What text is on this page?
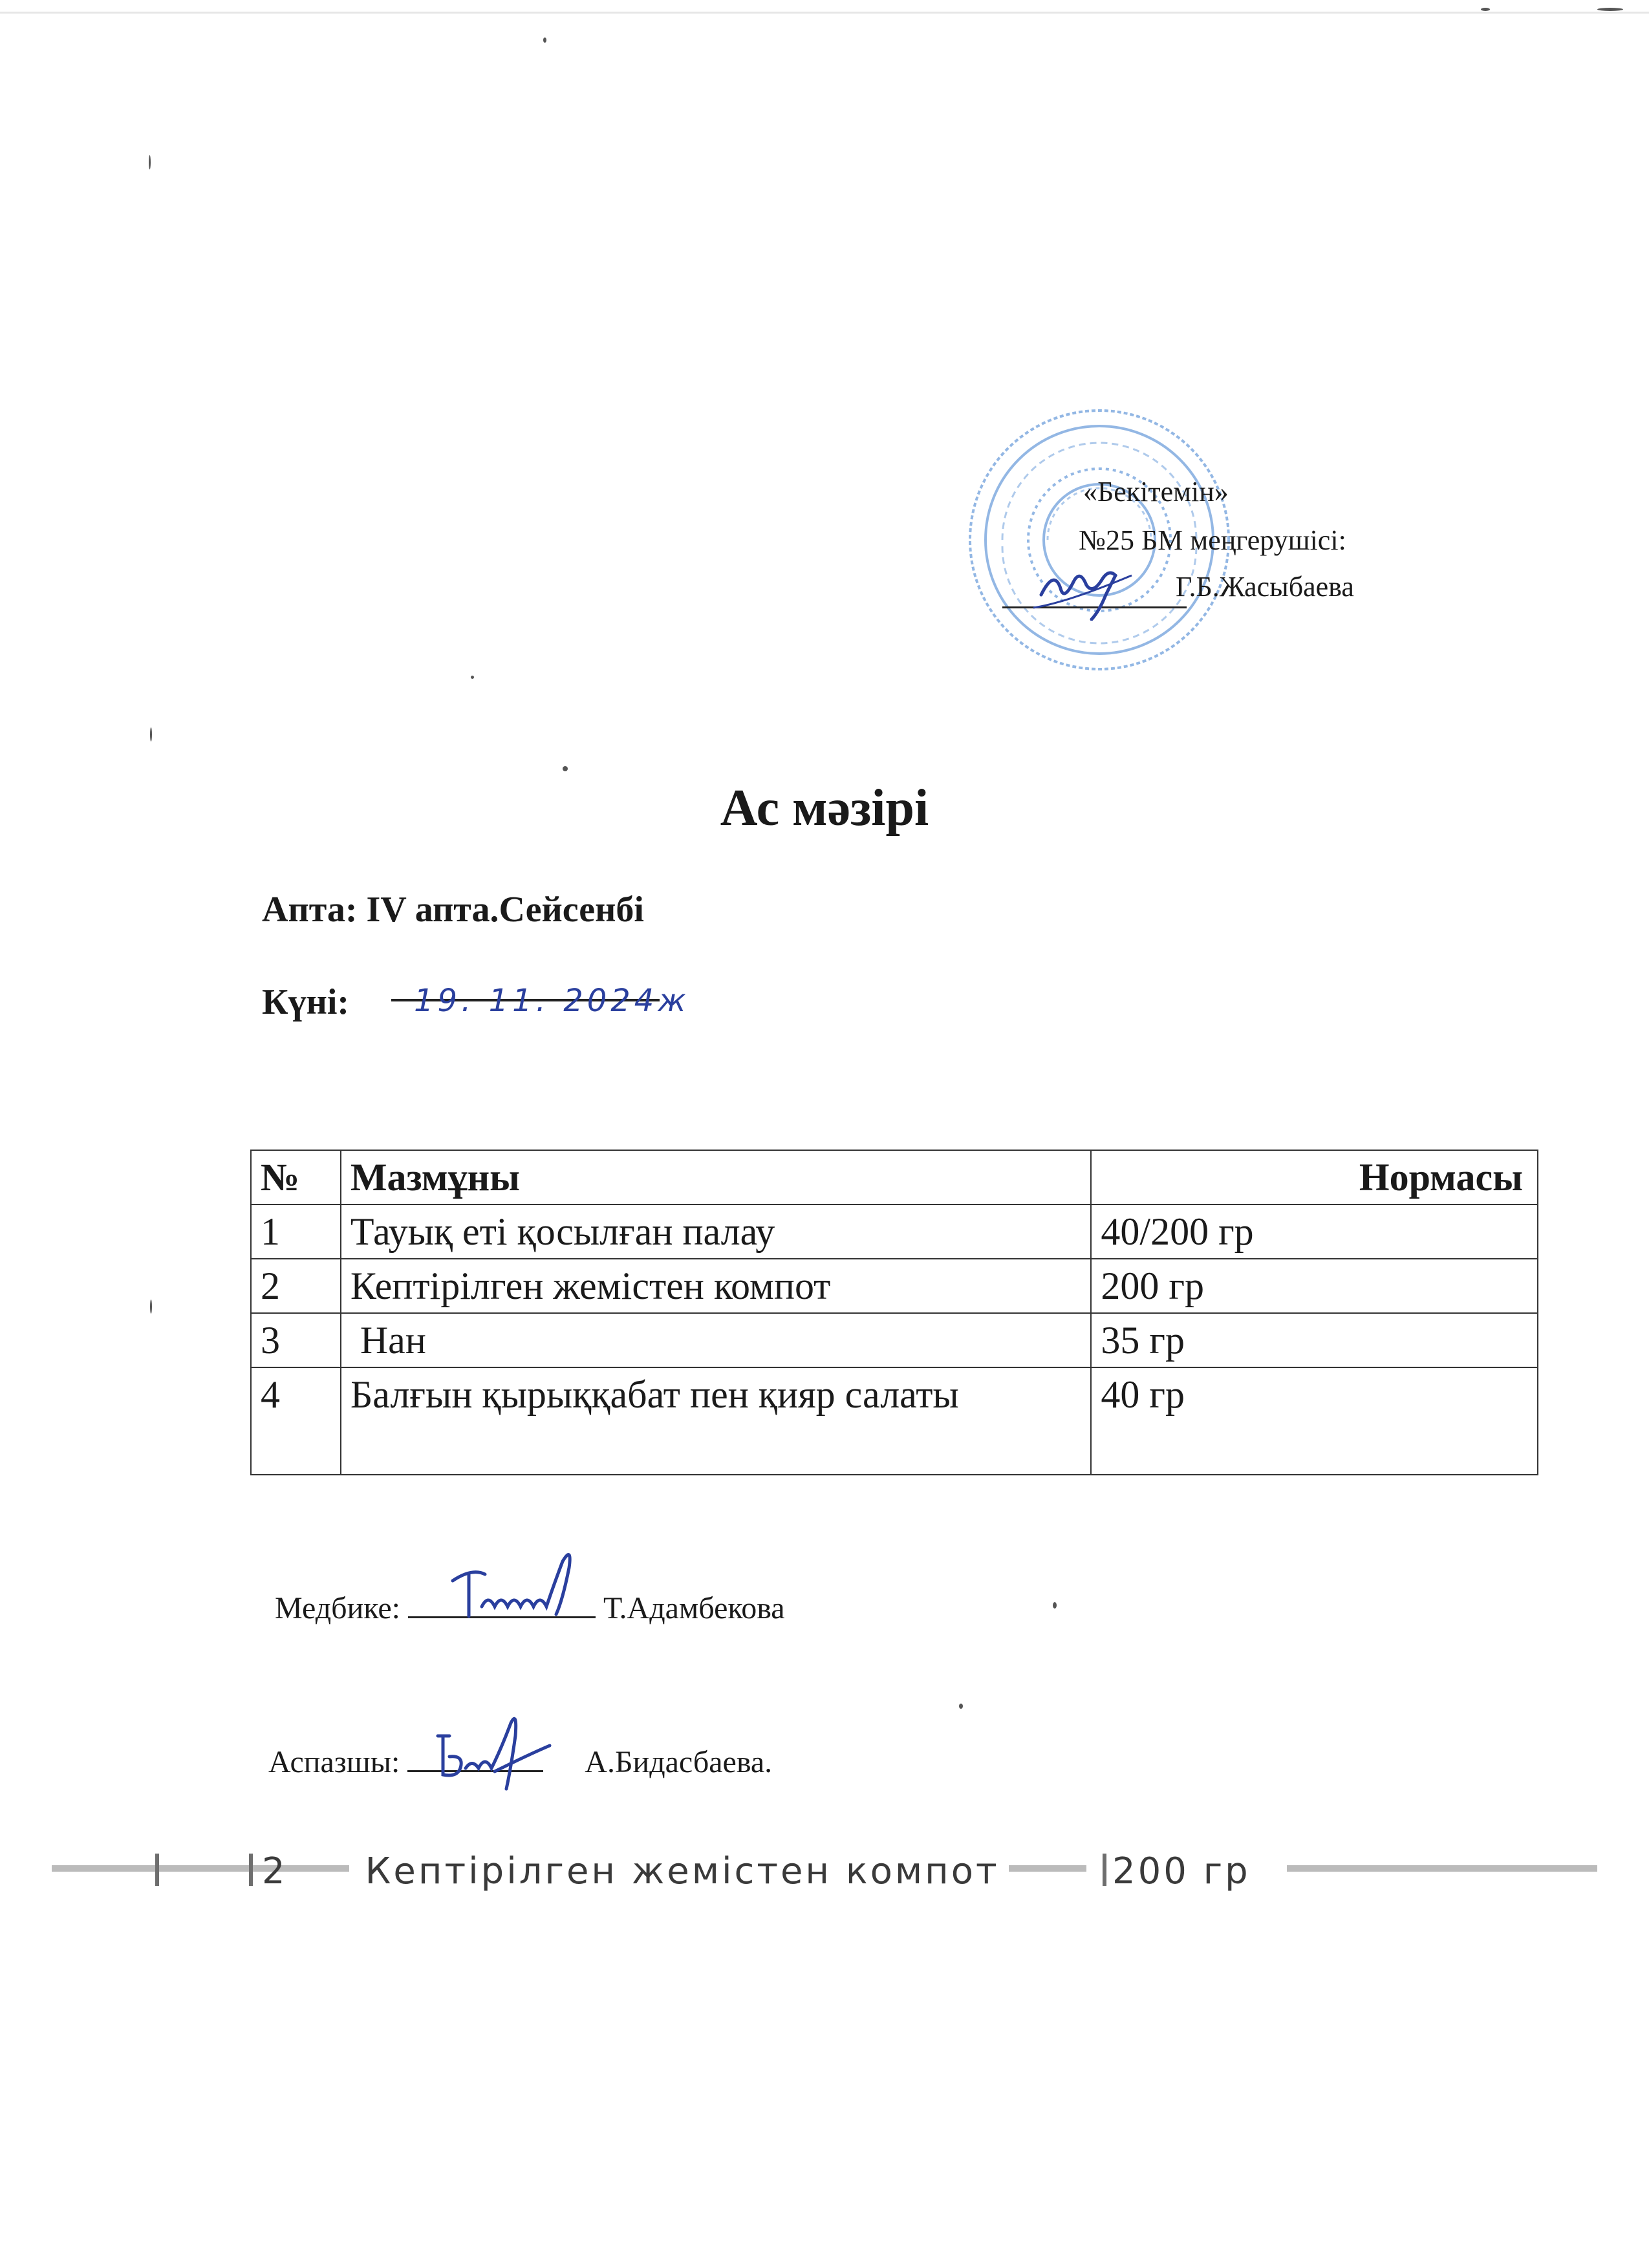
«Бекітемін»
№25 БМ меңгерушісі:
Г.Б.Жасыбаева
Ас мәзірі
Апта: IV апта.Сейсенбі
Күні: 19. 11. 2024ж
№	Мазмұны	Нормасы
1	Тауық еті қосылған палау	40/200 гр
2	Кептірілген жемістен компот	200 гр
3	Нан	35 гр
4	Балғын қырыққабат пен қияр салаты	40 гр
Медбике:	Т.Адамбекова
Аспазшы:	А.Бидасбаева.
2 Кептірілген жемістен компот	200 гр
